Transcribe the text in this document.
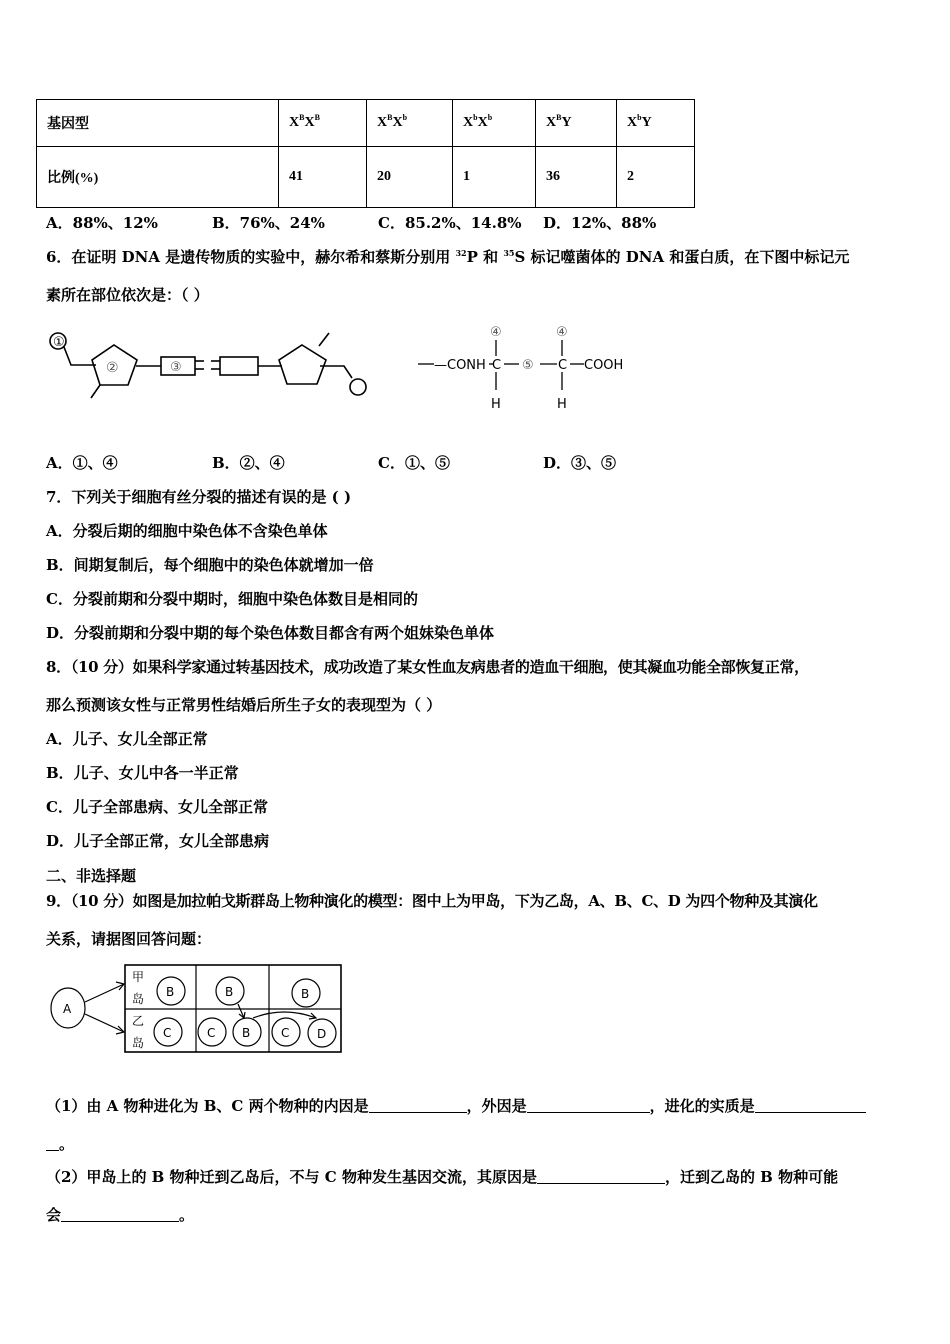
基因型	$X^BX^B$	$X^BX^b$	$X^bX^b$	$X^BY$	$X^bY$
比例(%)	41	20	1	36	2
A．88%、12%	B．76%、24%	C．85.2%、14.8% D．12%、88%
6．在证明 DNA 是遗传物质的实验中，赫尔希和蔡斯分别用 $^{32}$P 和 $^{35}$S 标记噬菌体的 DNA 和蛋白质，在下图中标记元
素所在部位依次是：（ ）
①
②	③	—CONH C
④
H
⑤ C
④
H
COOH
A．①、④	B．②、④	C．①、⑤	D．③、⑤
7．下列关于细胞有丝分裂的描述有误的是 ( )
A．分裂后期的细胞中染色体不含染色单体
B．间期复制后，每个细胞中的染色体就增加一倍
C．分裂前期和分裂中期时，细胞中染色体数目是相同的
D．分裂前期和分裂中期的每个染色体数目都含有两个姐妹染色单体
8．（10 分）如果科学家通过转基因技术，成功改造了某女性血友病患者的造血干细胞，使其凝血功能全部恢复正常，
那么预测该女性与正常男性结婚后所生子女的表现型为（ ）
A．儿子、女儿全部正常
B．儿子、女儿中各一半正常
C．儿子全部患病、女儿全部正常
D．儿子全部正常，女儿全部患病
二、非选择题
9．（10 分）如图是加拉帕戈斯群岛上物种演化的模型：图中上为甲岛，下为乙岛，A、B、C、D 为四个物种及其演化
关系，请据图回答问题：
A
甲
岛
乙
岛
B
C
B
C B
B
C D
（1）由 A 物种进化为 B、C 两个物种的内因是	，外因是	，进化的实质是
。
（2）甲岛上的 B 物种迁到乙岛后，不与 C 物种发生基因交流，其原因是	，迁到乙岛的 B 物种可能
会	。
